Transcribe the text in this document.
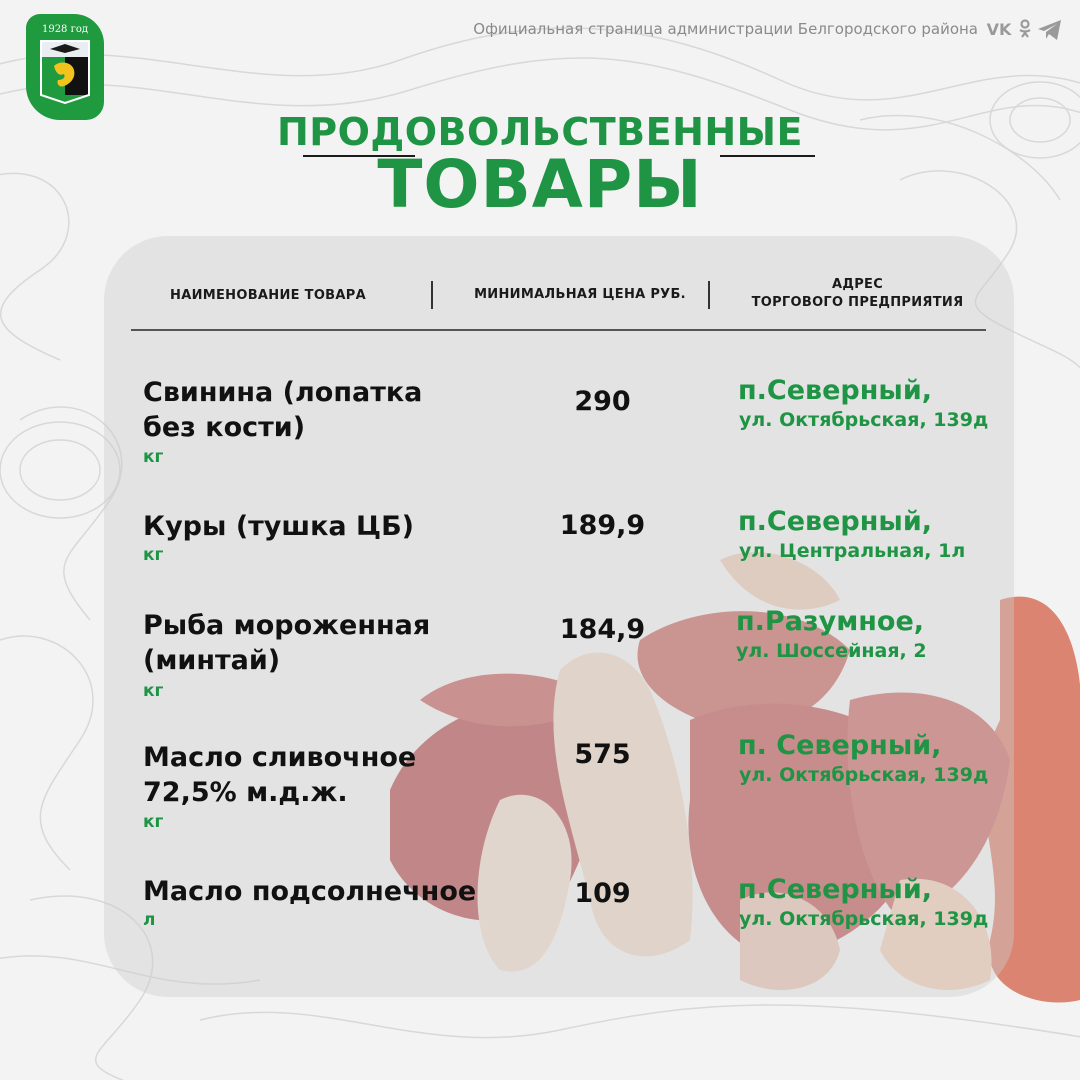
1928 год	Официальная страница администрации Белгородского района VK
ПРОДОВОЛЬСТВЕННЫЕ
ТОВАРЫ
НАИМЕНОВАНИЕ ТОВАРА	МИНИМАЛЬНАЯ ЦЕНА РУБ.
АДРЕС
ТОРГОВОГО ПРЕДПРИЯТИЯ
Свинина (лопатка
без кости)
кг
290	п.Северный,
ул. Октябрьская, 139д
Куры (тушка ЦБ)
кг
189,9	п.Северный,
ул. Центральная, 1л
Рыба мороженная
(минтай)
кг
184,9	п.Разумное,
ул. Шоссейная, 2
Масло сливочное
72,5% м.д.ж.
кг
575	п. Северный,
ул. Октябрьская, 139д
Масло подсолнечное
л
109	п.Северный,
ул. Октябрьская, 139д
